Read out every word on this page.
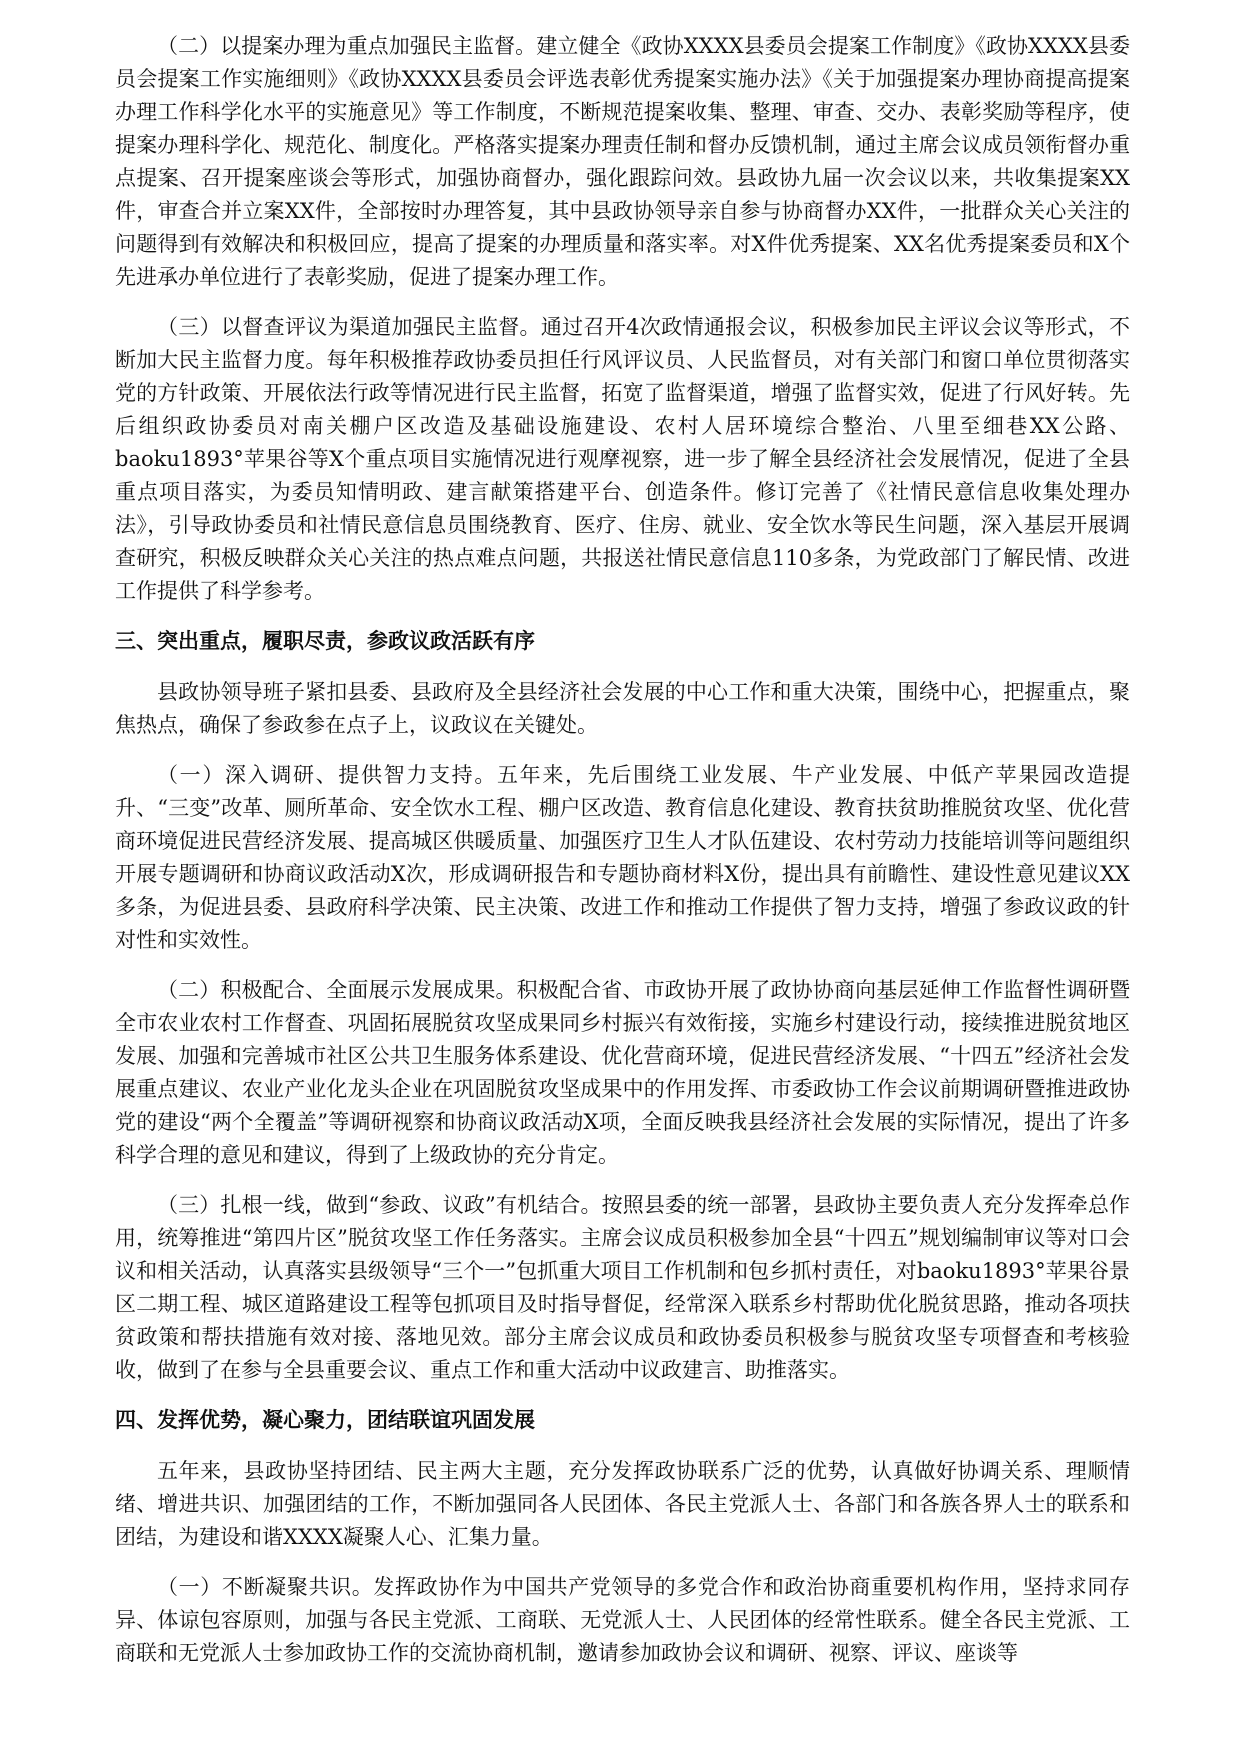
（二）以提案办理为重点加强民主监督。建立健全《政协XXXX县委员会提案工作制度》《政协XXXX县委员会提案工作实施细则》《政协XXXX县委员会评选表彰优秀提案实施办法》《关于加强提案办理协商提高提案办理工作科学化水平的实施意见》等工作制度，不断规范提案收集、整理、审查、交办、表彰奖励等程序，使提案办理科学化、规范化、制度化。严格落实提案办理责任制和督办反馈机制，通过主席会议成员领衔督办重点提案、召开提案座谈会等形式，加强协商督办，强化跟踪问效。县政协九届一次会议以来，共收集提案XX件，审查合并立案XX件，全部按时办理答复，其中县政协领导亲自参与协商督办XX件，一批群众关心关注的问题得到有效解决和积极回应，提高了提案的办理质量和落实率。对X件优秀提案、XX名优秀提案委员和X个先进承办单位进行了表彰奖励，促进了提案办理工作。

（三）以督查评议为渠道加强民主监督。通过召开4次政情通报会议，积极参加民主评议会议等形式，不断加大民主监督力度。每年积极推荐政协委员担任行风评议员、人民监督员，对有关部门和窗口单位贯彻落实党的方针政策、开展依法行政等情况进行民主监督，拓宽了监督渠道，增强了监督实效，促进了行风好转。先后组织政协委员对南关棚户区改造及基础设施建设、农村人居环境综合整治、八里至细巷XX公路、baoku1893°苹果谷等X个重点项目实施情况进行观摩视察，进一步了解全县经济社会发展情况，促进了全县重点项目落实，为委员知情明政、建言献策搭建平台、创造条件。修订完善了《社情民意信息收集处理办法》，引导政协委员和社情民意信息员围绕教育、医疗、住房、就业、安全饮水等民生问题，深入基层开展调查研究，积极反映群众关心关注的热点难点问题，共报送社情民意信息110多条，为党政部门了解民情、改进工作提供了科学参考。

三、突出重点，履职尽责，参政议政活跃有序

县政协领导班子紧扣县委、县政府及全县经济社会发展的中心工作和重大决策，围绕中心，把握重点，聚焦热点，确保了参政参在点子上，议政议在关键处。

（一）深入调研、提供智力支持。五年来，先后围绕工业发展、牛产业发展、中低产苹果园改造提升、“三变”改革、厕所革命、安全饮水工程、棚户区改造、教育信息化建设、教育扶贫助推脱贫攻坚、优化营商环境促进民营经济发展、提高城区供暖质量、加强医疗卫生人才队伍建设、农村劳动力技能培训等问题组织开展专题调研和协商议政活动X次，形成调研报告和专题协商材料X份，提出具有前瞻性、建设性意见建议XX多条，为促进县委、县政府科学决策、民主决策、改进工作和推动工作提供了智力支持，增强了参政议政的针对性和实效性。

（二）积极配合、全面展示发展成果。积极配合省、市政协开展了政协协商向基层延伸工作监督性调研暨全市农业农村工作督查、巩固拓展脱贫攻坚成果同乡村振兴有效衔接，实施乡村建设行动，接续推进脱贫地区发展、加强和完善城市社区公共卫生服务体系建设、优化营商环境，促进民营经济发展、“十四五”经济社会发展重点建议、农业产业化龙头企业在巩固脱贫攻坚成果中的作用发挥、市委政协工作会议前期调研暨推进政协党的建设“两个全覆盖”等调研视察和协商议政活动X项，全面反映我县经济社会发展的实际情况，提出了许多科学合理的意见和建议，得到了上级政协的充分肯定。

（三）扎根一线，做到“参政、议政”有机结合。按照县委的统一部署，县政协主要负责人充分发挥牵总作用，统筹推进“第四片区”脱贫攻坚工作任务落实。主席会议成员积极参加全县“十四五”规划编制审议等对口会议和相关活动，认真落实县级领导“三个一”包抓重大项目工作机制和包乡抓村责任，对baoku1893°苹果谷景区二期工程、城区道路建设工程等包抓项目及时指导督促，经常深入联系乡村帮助优化脱贫思路，推动各项扶贫政策和帮扶措施有效对接、落地见效。部分主席会议成员和政协委员积极参与脱贫攻坚专项督查和考核验收，做到了在参与全县重要会议、重点工作和重大活动中议政建言、助推落实。

四、发挥优势，凝心聚力，团结联谊巩固发展

五年来，县政协坚持团结、民主两大主题，充分发挥政协联系广泛的优势，认真做好协调关系、理顺情绪、增进共识、加强团结的工作，不断加强同各人民团体、各民主党派人士、各部门和各族各界人士的联系和团结，为建设和谐XXXX凝聚人心、汇集力量。

（一）不断凝聚共识。发挥政协作为中国共产党领导的多党合作和政治协商重要机构作用，坚持求同存异、体谅包容原则，加强与各民主党派、工商联、无党派人士、人民团体的经常性联系。健全各民主党派、工商联和无党派人士参加政协工作的交流协商机制，邀请参加政协会议和调研、视察、评议、座谈等
